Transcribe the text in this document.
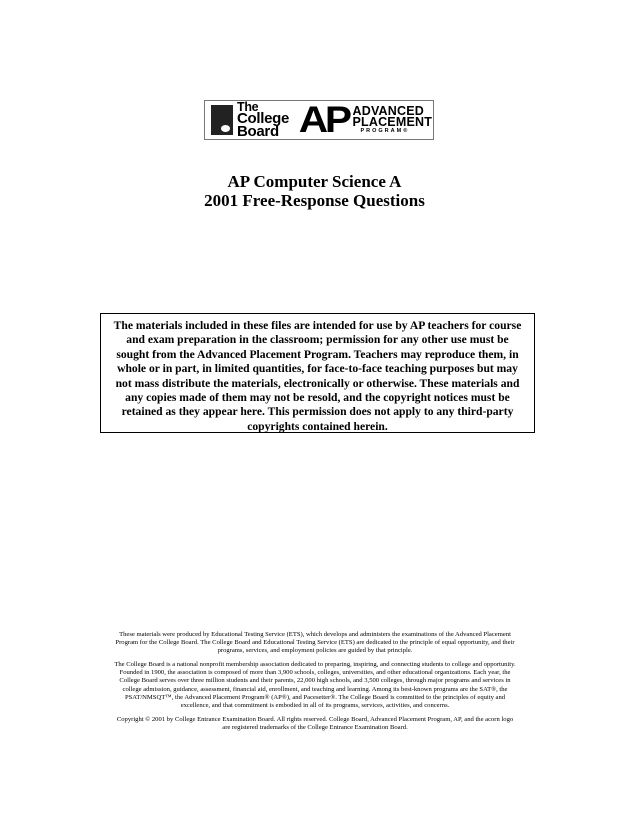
The
College
Board AP ADVANCED
PLACEMENT
PROGRAM®
AP Computer Science A
2001 Free-Response Questions
The materials included in these files are intended for use by AP teachers for course
and exam preparation in the classroom; permission for any other use must be
sought from the Advanced Placement Program. Teachers may reproduce them, in
whole or in part, in limited quantities, for face-to-face teaching purposes but may
not mass distribute the materials, electronically or otherwise. These materials and
any copies made of them may not be resold, and the copyright notices must be
retained as they appear here. This permission does not apply to any third-party
copyrights contained herein.

These materials were produced by Educational Testing Service (ETS), which develops and administers the examinations of the Advanced Placement
Program for the College Board. The College Board and Educational Testing Service (ETS) are dedicated to the principle of equal opportunity, and their
programs, services, and employment policies are guided by that principle.

The College Board is a national nonprofit membership association dedicated to preparing, inspiring, and connecting students to college and opportunity.
Founded in 1900, the association is composed of more than 3,900 schools, colleges, universities, and other educational organizations. Each year, the
College Board serves over three million students and their parents, 22,000 high schools, and 3,500 colleges, through major programs and services in
college admission, guidance, assessment, financial aid, enrollment, and teaching and learning. Among its best-known programs are the SAT®, the
PSAT/NMSQT™, the Advanced Placement Program® (AP®), and Pacesetter®. The College Board is committed to the principles of equity and
excellence, and that commitment is embodied in all of its programs, services, activities, and concerns.

Copyright © 2001 by College Entrance Examination Board. All rights reserved. College Board, Advanced Placement Program, AP, and the acorn logo
are registered trademarks of the College Entrance Examination Board.
